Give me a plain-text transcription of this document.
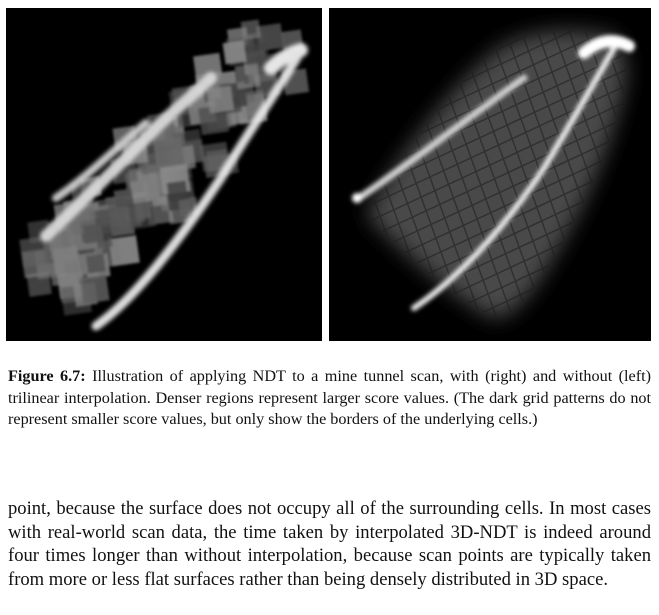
Figure 6.7: Illustration of applying NDT to a mine tunnel scan, with (right) and without (left) trilinear interpolation. Denser regions represent larger score values. (The dark grid patterns do not represent smaller score values, but only show the borders of the underlying cells.)
point, because the surface does not occupy all of the surrounding cells. In most cases with real-world scan data, the time taken by interpolated 3D-NDT is indeed around four times longer than without interpolation, because scan points are typically taken from more or less flat surfaces rather than being densely distributed in 3D space.
